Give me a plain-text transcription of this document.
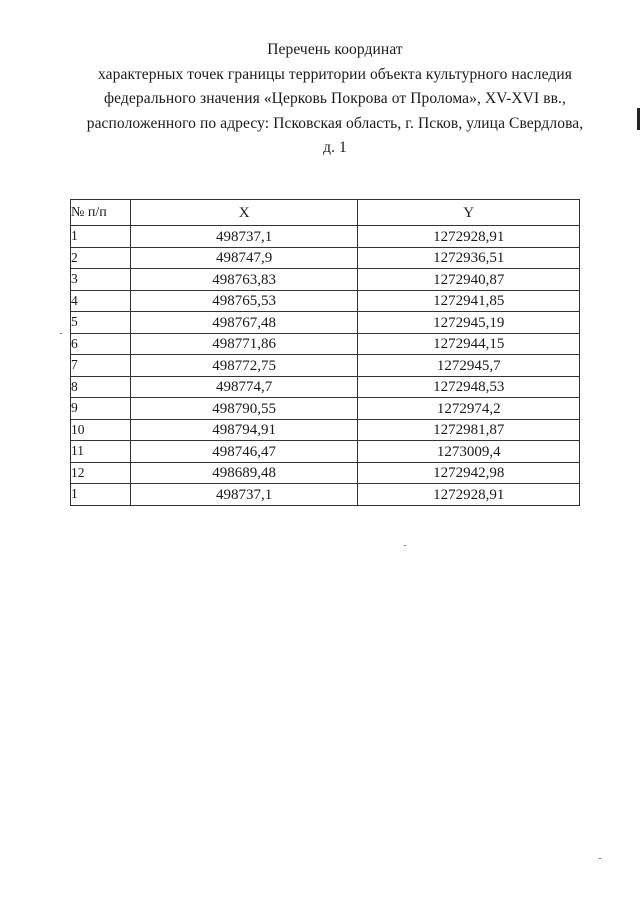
Перечень координат
характерных точек границы территории объекта культурного наследия
федерального значения «Церковь Покрова от Пролома», XV-XVI вв.,
расположенного по адресу: Псковская область, г. Псков, улица Свердлова,
д. 1
№ п/п	X	Y
1	498737,1	1272928,91
2	498747,9	1272936,51
3	498763,83	1272940,87
4	498765,53	1272941,85
5	498767,48	1272945,19
6	498771,86	1272944,15
7	498772,75	1272945,7
8	498774,7	1272948,53
9	498790,55	1272974,2
10	498794,91	1272981,87
11	498746,47	1273009,4
12	498689,48	1272942,98
1	498737,1	1272928,91
